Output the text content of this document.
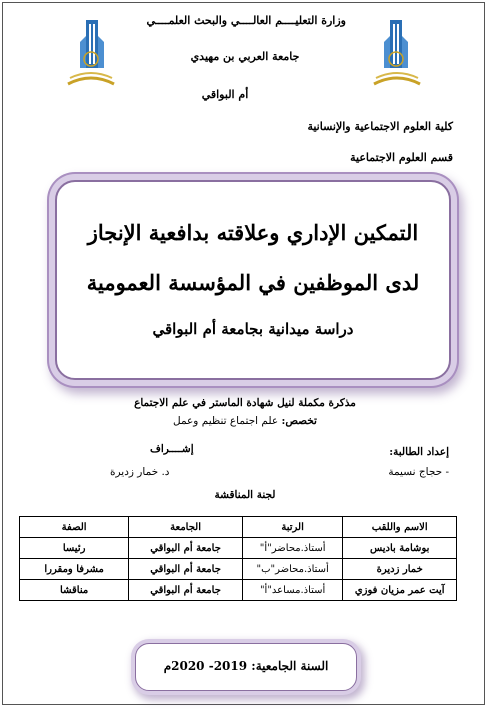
وزارة التعليــــم العالــــي والبحث العلمــــي
جامعة العربي بن مهيدي
أم البواقي
كلية العلوم الاجتماعية والإنسانية
قسم العلوم الاجتماعية
التمكين الإداري وعلاقته بدافعية الإنجاز
لدى الموظفين في المؤسسة العمومية
دراسة ميدانية بجامعة أم البواقي
مذكرة مكملة لنيل شهادة الماستر في علم الاجتماع
تخصص: علم اجتماع تنظيم وعمل
إعداد الطالبة:
إشــــراف
- حجاج نسيمة
د. خمار زديرة
لجنة المناقشة
الاسم واللقب	الرتبة	الجامعة	الصفة
بوشامة باديس	أستاذ.محاضر"أ"	جامعة أم البواقي	رئيسا
خمار زديرة	أستاذ.محاضر"ب"	جامعة أم البواقي	مشرفا ومقررا
آيت عمر مزيان فوزي	أستاذ.مساعد"أ"	جامعة أم البواقي	مناقشا
السنة الجامعية: 2019- 2020م
